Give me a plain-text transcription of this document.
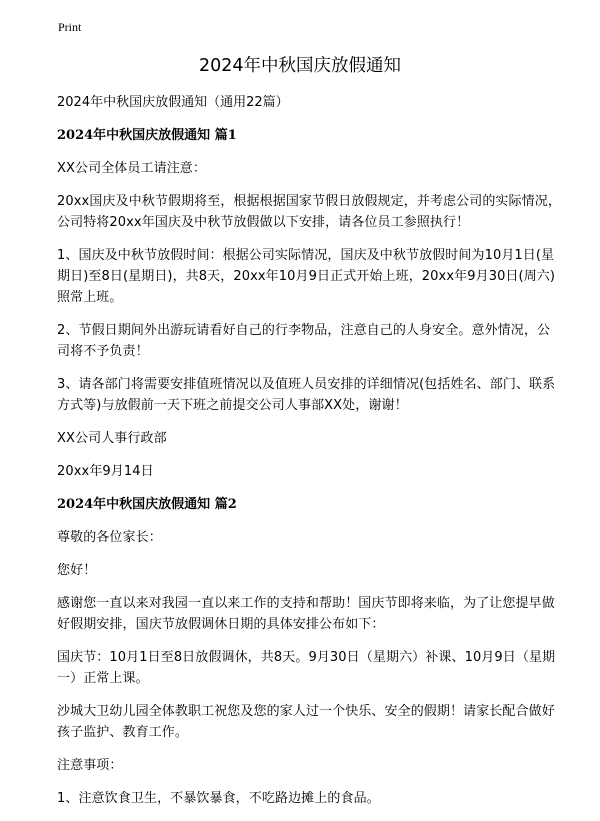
Print
2024年中秋国庆放假通知
2024年中秋国庆放假通知（通用22篇）
2024年中秋国庆放假通知 篇1
XX公司全体员工请注意：
20xx国庆及中秋节假期将至，根据根据国家节假日放假规定，并考虑公司的实际情况，公司特将20xx年国庆及中秋节放假做以下安排，请各位员工参照执行！
1、国庆及中秋节放假时间：根据公司实际情况，国庆及中秋节放假时间为10月1日(星期日)至8日(星期日)，共8天，20xx年10月9日正式开始上班，20xx年9月30日(周六)照常上班。
2、节假日期间外出游玩请看好自己的行李物品，注意自己的人身安全。意外情况，公司将不予负责！
3、请各部门将需要安排值班情况以及值班人员安排的详细情况(包括姓名、部门、联系方式等)与放假前一天下班之前提交公司人事部XX处，谢谢！
XX公司人事行政部
20xx年9月14日
2024年中秋国庆放假通知 篇2
尊敬的各位家长：
您好！
感谢您一直以来对我园一直以来工作的支持和帮助！国庆节即将来临，为了让您提早做好假期安排，国庆节放假调休日期的具体安排公布如下：
国庆节：10月1日至8日放假调休，共8天。9月30日（星期六）补课、10月9日（星期一）正常上课。
沙城大卫幼儿园全体教职工祝您及您的家人过一个快乐、安全的假期！请家长配合做好孩子监护、教育工作。
注意事项：
1、注意饮食卫生，不暴饮暴食，不吃路边摊上的食品。
